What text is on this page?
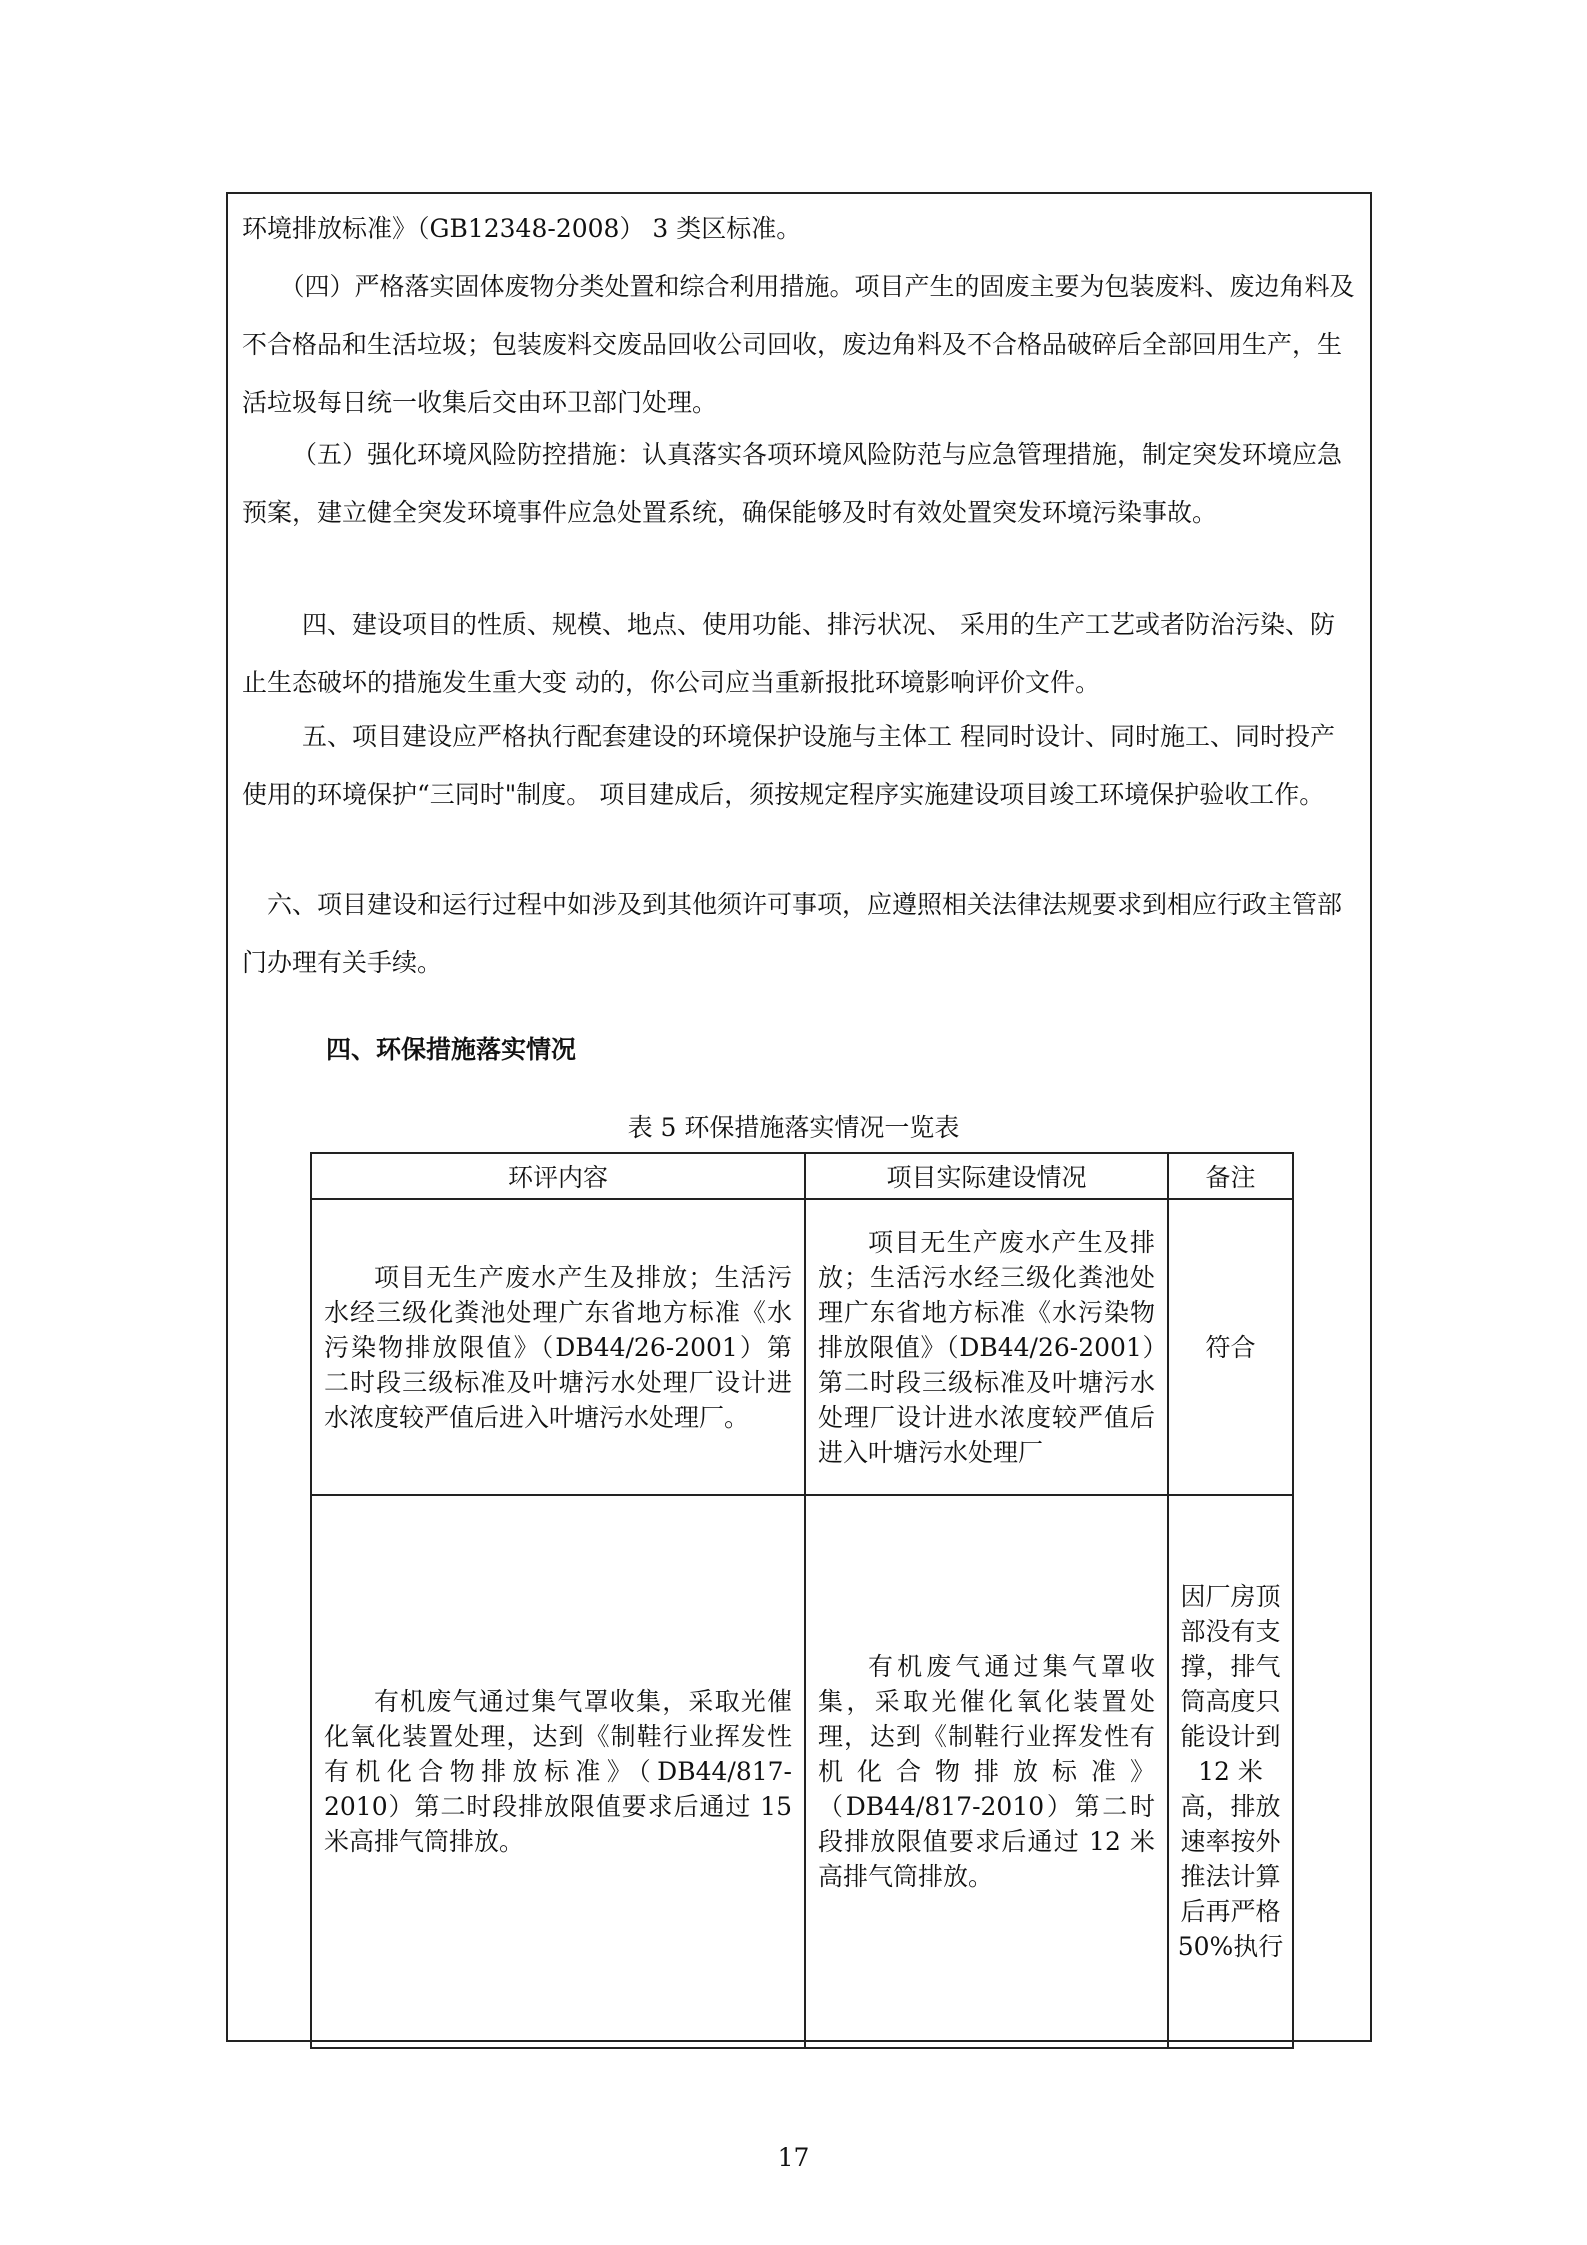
环境排放标准》（GB12348-2008） 3 类区标准。

（四）严格落实固体废物分类处置和综合利用措施。项目产生的固废主要为包装废料、废边角料及不合格品和生活垃圾；包装废料交废品回收公司回收，废边角料及不合格品破碎后全部回用生产，生活垃圾每日统一收集后交由环卫部门处理。

（五）强化环境风险防控措施：认真落实各项环境风险防范与应急管理措施，制定突发环境应急预案，建立健全突发环境事件应急处置系统，确保能够及时有效处置突发环境污染事故。

四、建设项目的性质、规模、地点、使用功能、排污状况、 采用的生产工艺或者防治污染、防止生态破坏的措施发生重大变 动的，你公司应当重新报批环境影响评价文件。

五、项目建设应严格执行配套建设的环境保护设施与主体工 程同时设计、同时施工、同时投产使用的环境保护“三同时"制度。 项目建成后，须按规定程序实施建设项目竣工环境保护验收工作。

六、项目建设和运行过程中如涉及到其他须许可事项，应遵照相关法律法规要求到相应行政主管部门办理有关手续。

四、环保措施落实情况

表 5 环保措施落实情况一览表
环评内容	项目实际建设情况	备注
项目无生产废水产生及排放；生活污水经三级化粪池处理广东省地方标准《水污染物排放限值》（DB44/26-2001）第二时段三级标准及叶塘污水处理厂设计进水浓度较严值后进入叶塘污水处理厂。	项目无生产废水产生及排放；生活污水经三级化粪池处理广东省地方标准《水污染物排放限值》（DB44/26-2001）第二时段三级标准及叶塘污水处理厂设计进水浓度较严值后进入叶塘污水处理厂	符合
有机废气通过集气罩收集，采取光催化氧化装置处理，达到《制鞋行业挥发性有机化合物排放标准》（DB44/817-2010）第二时段排放限值要求后通过 15 米高排气筒排放。	有机废气通过集气罩收集，采取光催化氧化装置处理，达到《制鞋行业挥发性有机化合物排放标准》（DB44/817-2010）第二时段排放限值要求后通过 12 米高排气筒排放。	因厂房顶部没有支撑，排气筒高度只能设计到 12 米高，排放速率按外推法计算后再严格 50%执行
17
